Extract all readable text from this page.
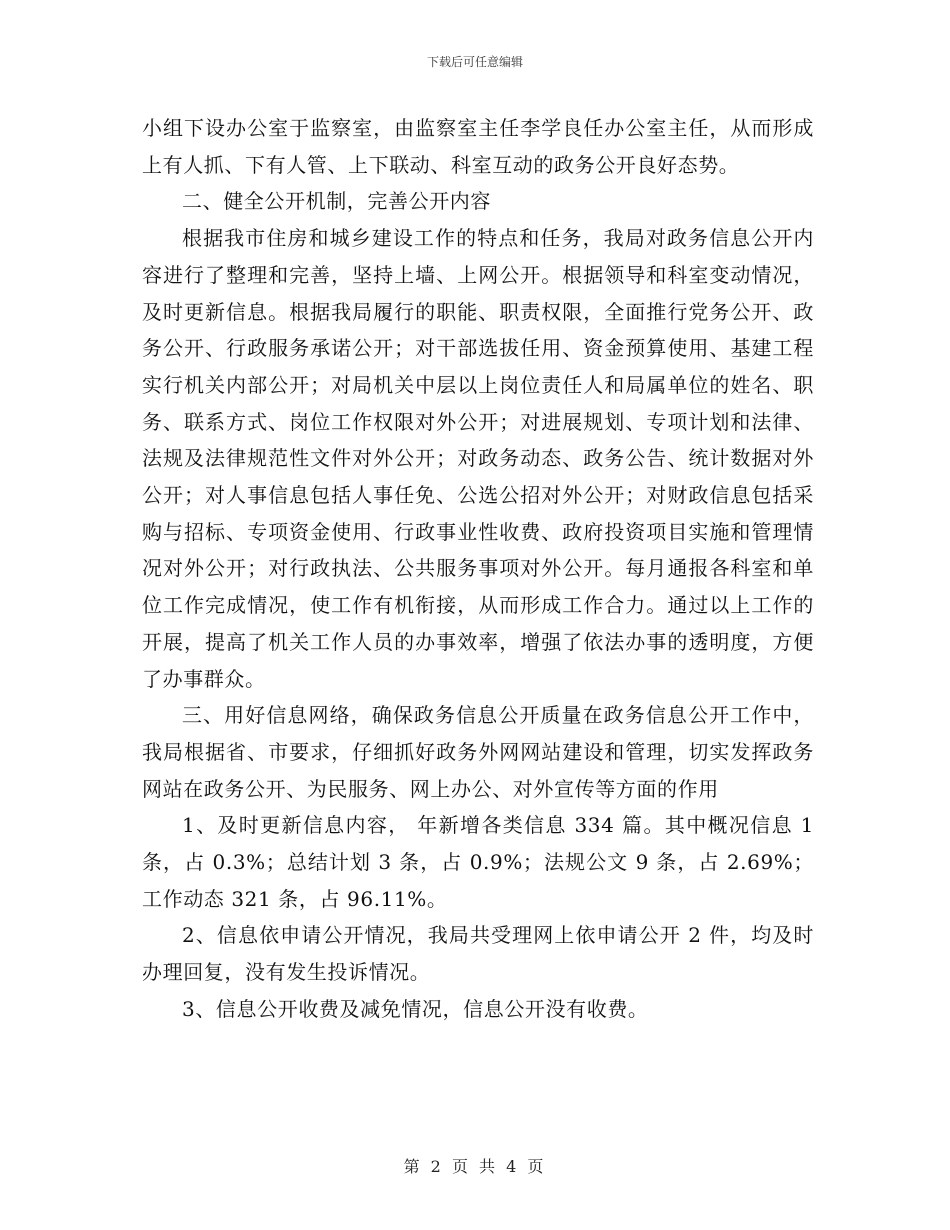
下载后可任意编辑

小组下设办公室于监察室，由监察室主任李学良任办公室主任，从而形成上有人抓、下有人管、上下联动、科室互动的政务公开良好态势。

二、健全公开机制，完善公开内容

根据我市住房和城乡建设工作的特点和任务，我局对政务信息公开内容进行了整理和完善，坚持上墙、上网公开。根据领导和科室变动情况，及时更新信息。根据我局履行的职能、职责权限，全面推行党务公开、政务公开、行政服务承诺公开；对干部选拔任用、资金预算使用、基建工程实行机关内部公开；对局机关中层以上岗位责任人和局属单位的姓名、职务、联系方式、岗位工作权限对外公开；对进展规划、专项计划和法律、法规及法律规范性文件对外公开；对政务动态、政务公告、统计数据对外公开；对人事信息包括人事任免、公选公招对外公开；对财政信息包括采购与招标、专项资金使用、行政事业性收费、政府投资项目实施和管理情况对外公开；对行政执法、公共服务事项对外公开。每月通报各科室和单位工作完成情况，使工作有机衔接，从而形成工作合力。通过以上工作的开展，提高了机关工作人员的办事效率，增强了依法办事的透明度，方便了办事群众。

三、用好信息网络，确保政务信息公开质量在政务信息公开工作中，我局根据省、市要求，仔细抓好政务外网网站建设和管理，切实发挥政务网站在政务公开、为民服务、网上办公、对外宣传等方面的作用

1、及时更新信息内容， 年新增各类信息 334 篇。其中概况信息 1 条，占 0.3%；总结计划 3 条，占 0.9%；法规公文 9 条，占 2.69%；工作动态 321 条，占 96.11%。

2、信息依申请公开情况，我局共受理网上依申请公开 2 件，均及时办理回复，没有发生投诉情况。

3、信息公开收费及减免情况，信息公开没有收费。

第 2 页 共 4 页
